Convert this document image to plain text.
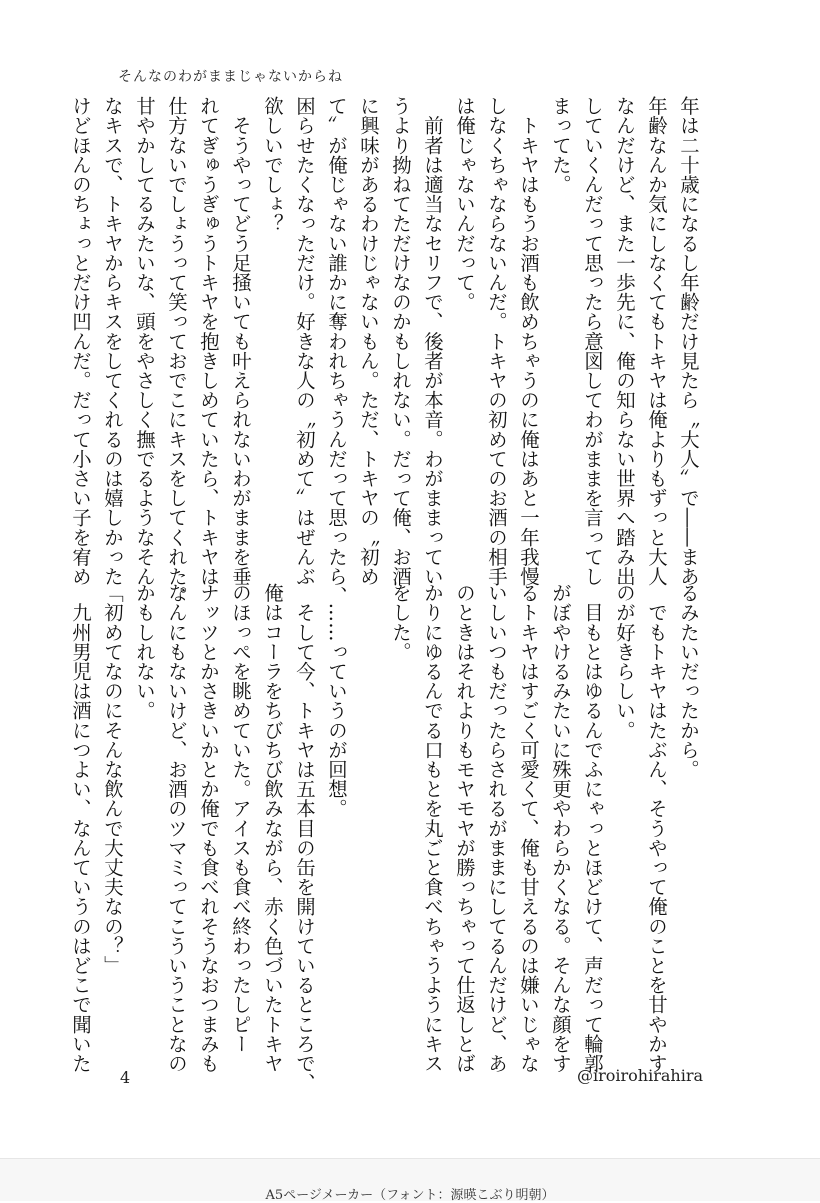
そんなのわがままじゃないからね
年は二十歳になるし年齢だけ見たら〝大人〟で――まあ
年齢なんか気にしなくてもトキヤは俺よりもずっと大人
なんだけど、また一歩先に、俺の知らない世界へ踏み出
していくんだって思ったら意図してわがままを言ってし
まってた。
　トキヤはもうお酒も飲めちゃうのに俺はあと一年我慢
しなくちゃならないんだ。トキヤの初めてのお酒の相手
は俺じゃないんだって。
　前者は適当なセリフで、後者が本音。わがままってい
うより拗ねてただけなのかもしれない。だって俺、お酒
に興味があるわけじゃないもん。ただ、トキヤの〝初め
て〟が俺じゃない誰かに奪われちゃうんだって思ったら、
困らせたくなっただけ。好きな人の〝初めて〟はぜんぶ
欲しいでしょ？
　そうやってどう足掻いても叶えられないわがままを垂
れてぎゅうぎゅうトキヤを抱きしめていたら、トキヤは
仕方ないでしょうって笑っておでこにキスをしてくれた。
甘やかしてるみたいな、頭をやさしく撫でるようなそん
なキスで、トキヤからキスをしてくれるのは嬉しかった
けどほんのちょっとだけ凹んだ。だって小さい子を宥め
るみたいだったから。
　でもトキヤはたぶん、そうやって俺のことを甘やかす
のが好きらしい。
　目もとはゆるんでふにゃっとほどけて、声だって輪郭
がぼやけるみたいに殊更やわらかくなる。そんな顔をす
るトキヤはすごく可愛くて、俺も甘えるのは嫌いじゃな
いしいつもだったらされるがままにしてるんだけど、あ
のときはそれよりもモヤモヤが勝っちゃって仕返しとば
かりにゆるんでる口もとを丸ごと食べちゃうようにキス
をした。
　……っていうのが回想。
　そして今、トキヤは五本目の缶を開けているところで、
俺はコーラをちびちび飲みながら、赤く色づいたトキヤ
のほっぺを眺めていた。アイスも食べ終わったしピー
ナッツとかさきいかとか俺でも食べれそうなおつまみも
なんにもないけど、お酒のツマミってこういうことなの
かもしれない。
「初めてなのにそんな飲んで大丈夫なの？」
　九州男児は酒につよい、なんていうのはどこで聞いた
4	@iroirohirahira
A5ページメーカー（フォント：源暎こぶり明朝）
